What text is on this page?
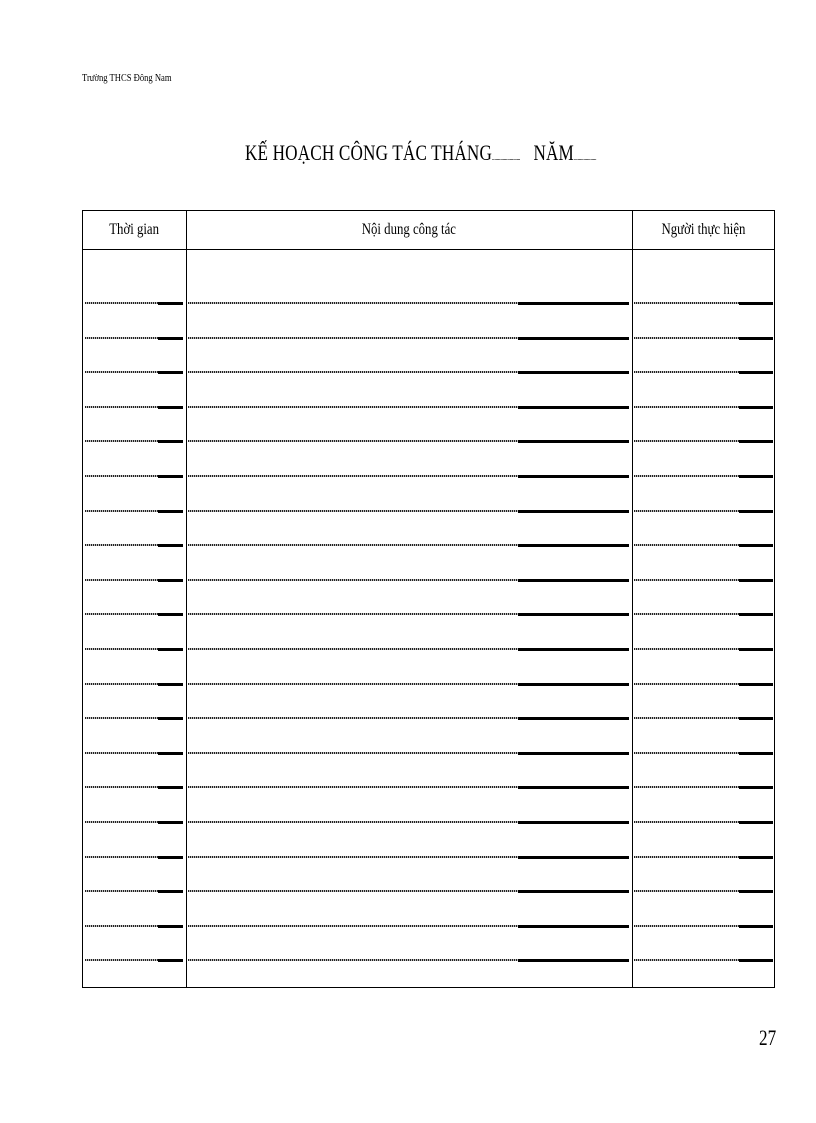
Trường THCS Đông Nam
KẾ HOẠCH CÔNG TÁC THÁNG........................ NĂM...................
Thời gian	Nội dung công tác	Người thực hiện
27
